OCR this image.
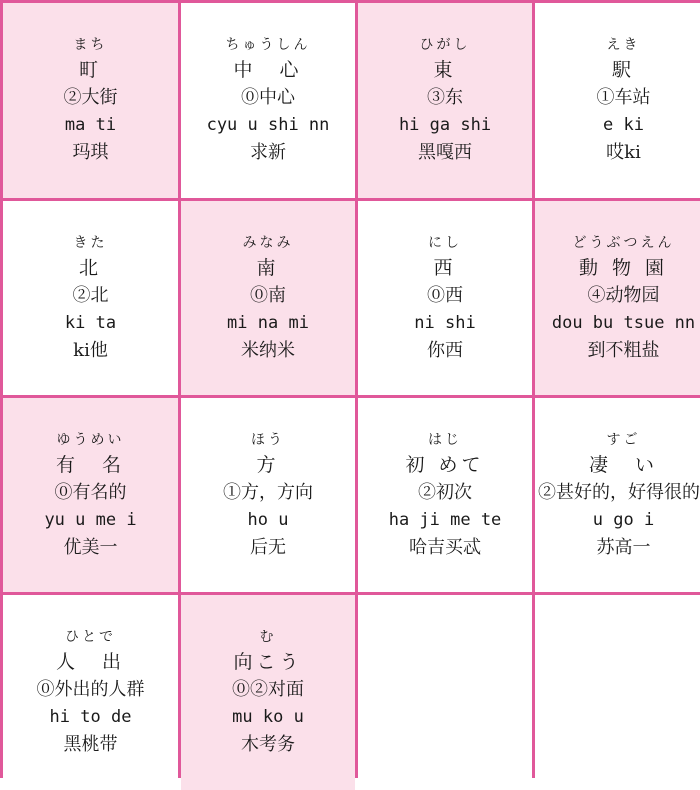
まち
町
②大街
ma ti
玛琪
ちゅうしん
中　心
⓪中心
cyu u shi nn
求新
ひがし
東
③东
hi ga shi
黑嘎西
えき
駅
①车站
e ki
哎ki
きた
北
②北
ki ta
ki他
みなみ
南
⓪南
mi na mi
米纳米
にし
西
⓪西
ni shi
你西
どうぶつえん
動 物 園
④动物园
dou bu tsue nn
到不粗盐
ゆうめい
有　名
⓪有名的
yu u me i
优美一
ほう
方
①方，方向
ho u
后无
はじ
初 めて
②初次
ha ji me te
哈吉买忒
すご
凄　い
②甚好的，好得很的
u go i
苏高一
ひとで
人　出
⓪外出的人群
hi to de
黑桃带
む
向こう
⓪②对面
mu ko u
木考务
